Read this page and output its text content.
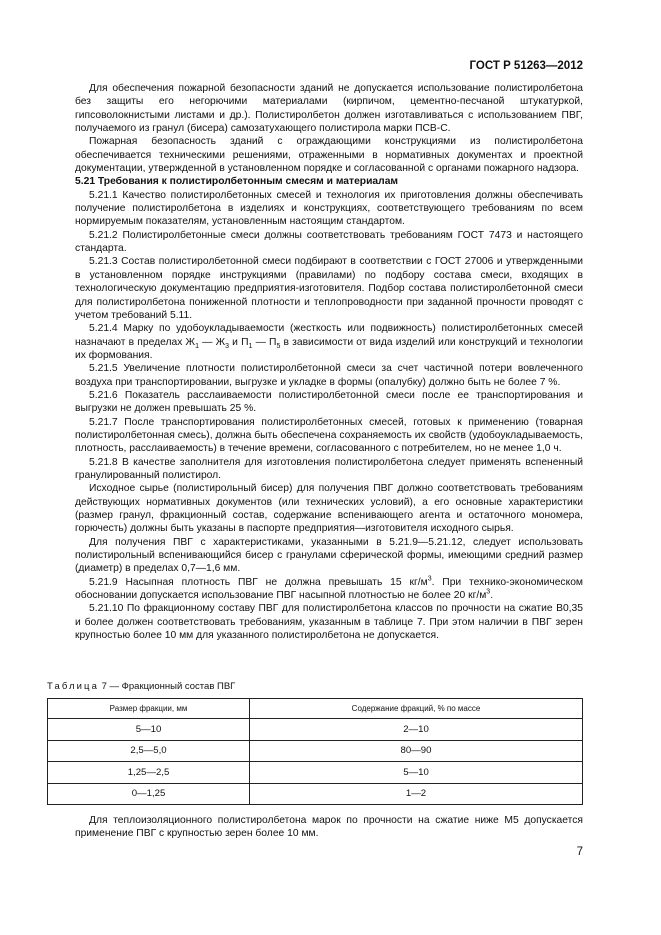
ГОСТ Р 51263—2012

Для обеспечения пожарной безопасности зданий не допускается использование полистиролбетона без защиты его негорючими материалами (кирпичом, цементно-песчаной штукатуркой, гипсоволокнистыми листами и др.). Полистиролбетон должен изготавливаться с использованием ПВГ, получаемого из гранул (бисера) самозатухающего полистирола марки ПСВ-С.

Пожарная безопасность зданий с ограждающими конструкциями из полистиролбетона обеспечивается техническими решениями, отраженными в нормативных документах и проектной документации, утвержденной в установленном порядке и согласованной с органами пожарного надзора.

5.21 Требования к полистиролбетонным смесям и материалам

5.21.1 Качество полистиролбетонных смесей и технология их приготовления должны обеспечивать получение полистиролбетона в изделиях и конструкциях, соответствующего требованиям по всем нормируемым показателям, установленным настоящим стандартом.

5.21.2 Полистиролбетонные смеси должны соответствовать требованиям ГОСТ 7473 и настоящего стандарта.

5.21.3 Состав полистиролбетонной смеси подбирают в соответствии с ГОСТ 27006 и утвержденными в установленном порядке инструкциями (правилами) по подбору состава смеси, входящих в технологическую документацию предприятия-изготовителя. Подбор состава полистиролбетонной смеси для полистиролбетона пониженной плотности и теплопроводности при заданной прочности проводят с учетом требований 5.11.

5.21.4 Марку по удобоукладываемости (жесткость или подвижность) полистиролбетонных смесей назначают в пределах $Ж_1$ — $Ж_3$ и $П_1$ — $П_5$ в зависимости от вида изделий или конструкций и технологии их формования.

5.21.5 Увеличение плотности полистиролбетонной смеси за счет частичной потери вовлеченного воздуха при транспортировании, выгрузке и укладке в формы (опалубку) должно быть не более 7 %.

5.21.6 Показатель расслаиваемости полистиролбетонной смеси после ее транспортирования и выгрузки не должен превышать 25 %.

5.21.7 После транспортирования полистиролбетонных смесей, готовых к применению (товарная полистиролбетонная смесь), должна быть обеспечена сохраняемость их свойств (удобоукладываемость, плотность, расслаиваемость) в течение времени, согласованного с потребителем, но не менее 1,0 ч.

5.21.8 В качестве заполнителя для изготовления полистиролбетона следует применять вспененный гранулированный полистирол.

Исходное сырье (полистирольный бисер) для получения ПВГ должно соответствовать требованиям действующих нормативных документов (или технических условий), а его основные характеристики (размер гранул, фракционный состав, содержание вспенивающего агента и остаточного мономера, горючесть) должны быть указаны в паспорте предприятия—изготовителя исходного сырья.

Для получения ПВГ с характеристиками, указанными в 5.21.9—5.21.12, следует использовать полистирольный вспенивающийся бисер с гранулами сферической формы, имеющими средний размер (диаметр) в пределах 0,7—1,6 мм.

5.21.9 Насыпная плотность ПВГ не должна превышать 15 $кг/м^3$. При технико-экономическом обосновании допускается использование ПВГ насыпной плотностью не более 20 $кг/м^3$.

5.21.10 По фракционному составу ПВГ для полистиролбетона классов по прочности на сжатие В0,35 и более должен соответствовать требованиям, указанным в таблице 7. При этом наличии в ПВГ зерен крупностью более 10 мм для указанного полистиролбетона не допускается.

Таблица 7 — Фракционный состав ПВГ
Размер фракции, мм	Содержание фракций, % по массе
5—10	2—10
2,5—5,0	80—90
1,25—2,5	5—10
0—1,25	1—2

Для теплоизоляционного полистиролбетона марок по прочности на сжатие ниже М5 допускается применение ПВГ с крупностью зерен более 10 мм.

7
